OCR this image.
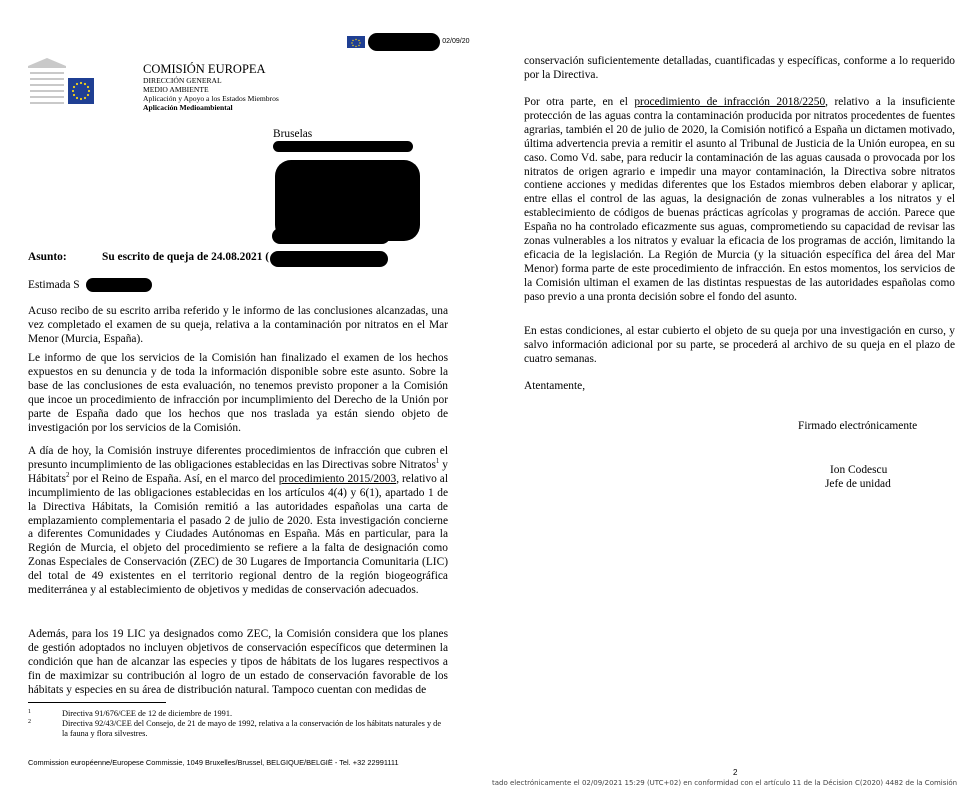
COMISIÓN EUROPEA
DIRECCIÓN GENERAL
MEDIO AMBIENTE
Aplicación y Apoyo a los Estados Miembros
Aplicación Medioambiental
- 02/09/20
Bruselas
Asunto:	Su escrito de queja de 24.08.2021 (
Estimada S

Acuso recibo de su escrito arriba referido y le informo de las conclusiones alcanzadas, una vez completado el examen de su queja, relativa a la contaminación por nitratos en el Mar Menor (Murcia, España).

Le informo de que los servicios de la Comisión han finalizado el examen de los hechos expuestos en su denuncia y de toda la información disponible sobre este asunto. Sobre la base de las conclusiones de esta evaluación, no tenemos previsto proponer a la Comisión que incoe un procedimiento de infracción por incumplimiento del Derecho de la Unión por parte de España dado que los hechos que nos traslada ya están siendo objeto de investigación por los servicios de la Comisión.

A día de hoy, la Comisión instruye diferentes procedimientos de infracción que cubren el presunto incumplimiento de las obligaciones establecidas en las Directivas sobre Nitratos$^1$ y Hábitats$^2$ por el Reino de España. Así, en el marco del procedimiento 2015/2003, relativo al incumplimiento de las obligaciones establecidas en los artículos 4(4) y 6(1), apartado 1 de la Directiva Hábitats, la Comisión remitió a las autoridades españolas una carta de emplazamiento complementaria el pasado 2 de julio de 2020. Esta investigación concierne a diferentes Comunidades y Ciudades Autónomas en España. Más en particular, para la Región de Murcia, el objeto del procedimiento se refiere a la falta de designación como Zonas Especiales de Conservación (ZEC) de 30 Lugares de Importancia Comunitaria (LIC) del total de 49 existentes en el territorio regional dentro de la región biogeográfica mediterránea y al establecimiento de objetivos y medidas de conservación adecuados.

Además, para los 19 LIC ya designados como ZEC, la Comisión considera que los planes de gestión adoptados no incluyen objetivos de conservación específicos que determinen la condición que han de alcanzar las especies y tipos de hábitats de los lugares respectivos a fin de maximizar su contribución al logro de un estado de conservación favorable de los hábitats y especies en su área de distribución natural. Tampoco cuentan con medidas de

1	Directiva 91/676/CEE de 12 de diciembre de 1991.
2	Directiva 92/43/CEE del Consejo, de 21 de mayo de 1992, relativa a la conservación de los hábitats naturales y de la fauna y flora silvestres.
Commission européenne/Europese Commissie, 1049 Bruxelles/Brussel, BELGIQUE/BELGIË - Tel. +32 22991111

conservación suficientemente detalladas, cuantificadas y específicas, conforme a lo requerido por la Directiva.

Por otra parte, en el procedimiento de infracción 2018/2250, relativo a la insuficiente protección de las aguas contra la contaminación producida por nitratos procedentes de fuentes agrarias, también el 20 de julio de 2020, la Comisión notificó a España un dictamen motivado, última advertencia previa a remitir el asunto al Tribunal de Justicia de la Unión europea, en su caso. Como Vd. sabe, para reducir la contaminación de las aguas causada o provocada por los nitratos de origen agrario e impedir una mayor contaminación, la Directiva sobre nitratos contiene acciones y medidas diferentes que los Estados miembros deben elaborar y aplicar, entre ellas el control de las aguas, la designación de zonas vulnerables a los nitratos y el establecimiento de códigos de buenas prácticas agrícolas y programas de acción. Parece que España no ha controlado eficazmente sus aguas, comprometiendo su capacidad de revisar las zonas vulnerables a los nitratos y evaluar la eficacia de los programas de acción, limitando la eficacia de la legislación. La Región de Murcia (y la situación específica del área del Mar Menor) forma parte de este procedimiento de infracción. En estos momentos, los servicios de la Comisión ultiman el examen de las distintas respuestas de las autoridades españolas como paso previo a una pronta decisión sobre el fondo del asunto.

En estas condiciones, al estar cubierto el objeto de su queja por una investigación en curso, y salvo información adicional por su parte, se procederá al archivo de su queja en el plazo de cuatro semanas.

Atentamente,
Firmado electrónicamente
Ion Codescu
Jefe de unidad
2
tado electrónicamente el 02/09/2021 15:29 (UTC+02) en conformidad con el artículo 11 de la Décision C(2020) 4482 de la Comisión
